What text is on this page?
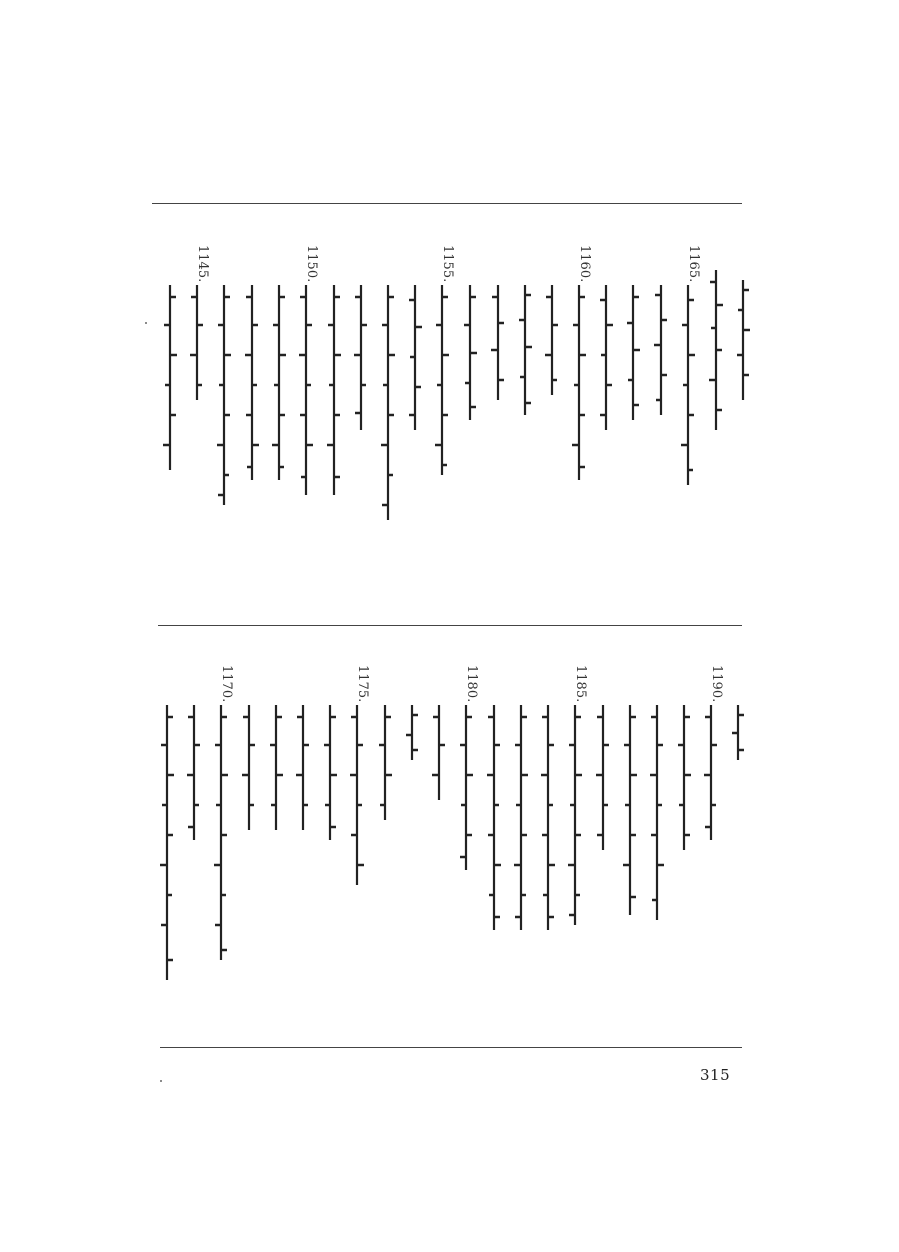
1165.
1160.
1155.
1150.
1145.
1190.
1185.
1180.
1175.
1170.
315
